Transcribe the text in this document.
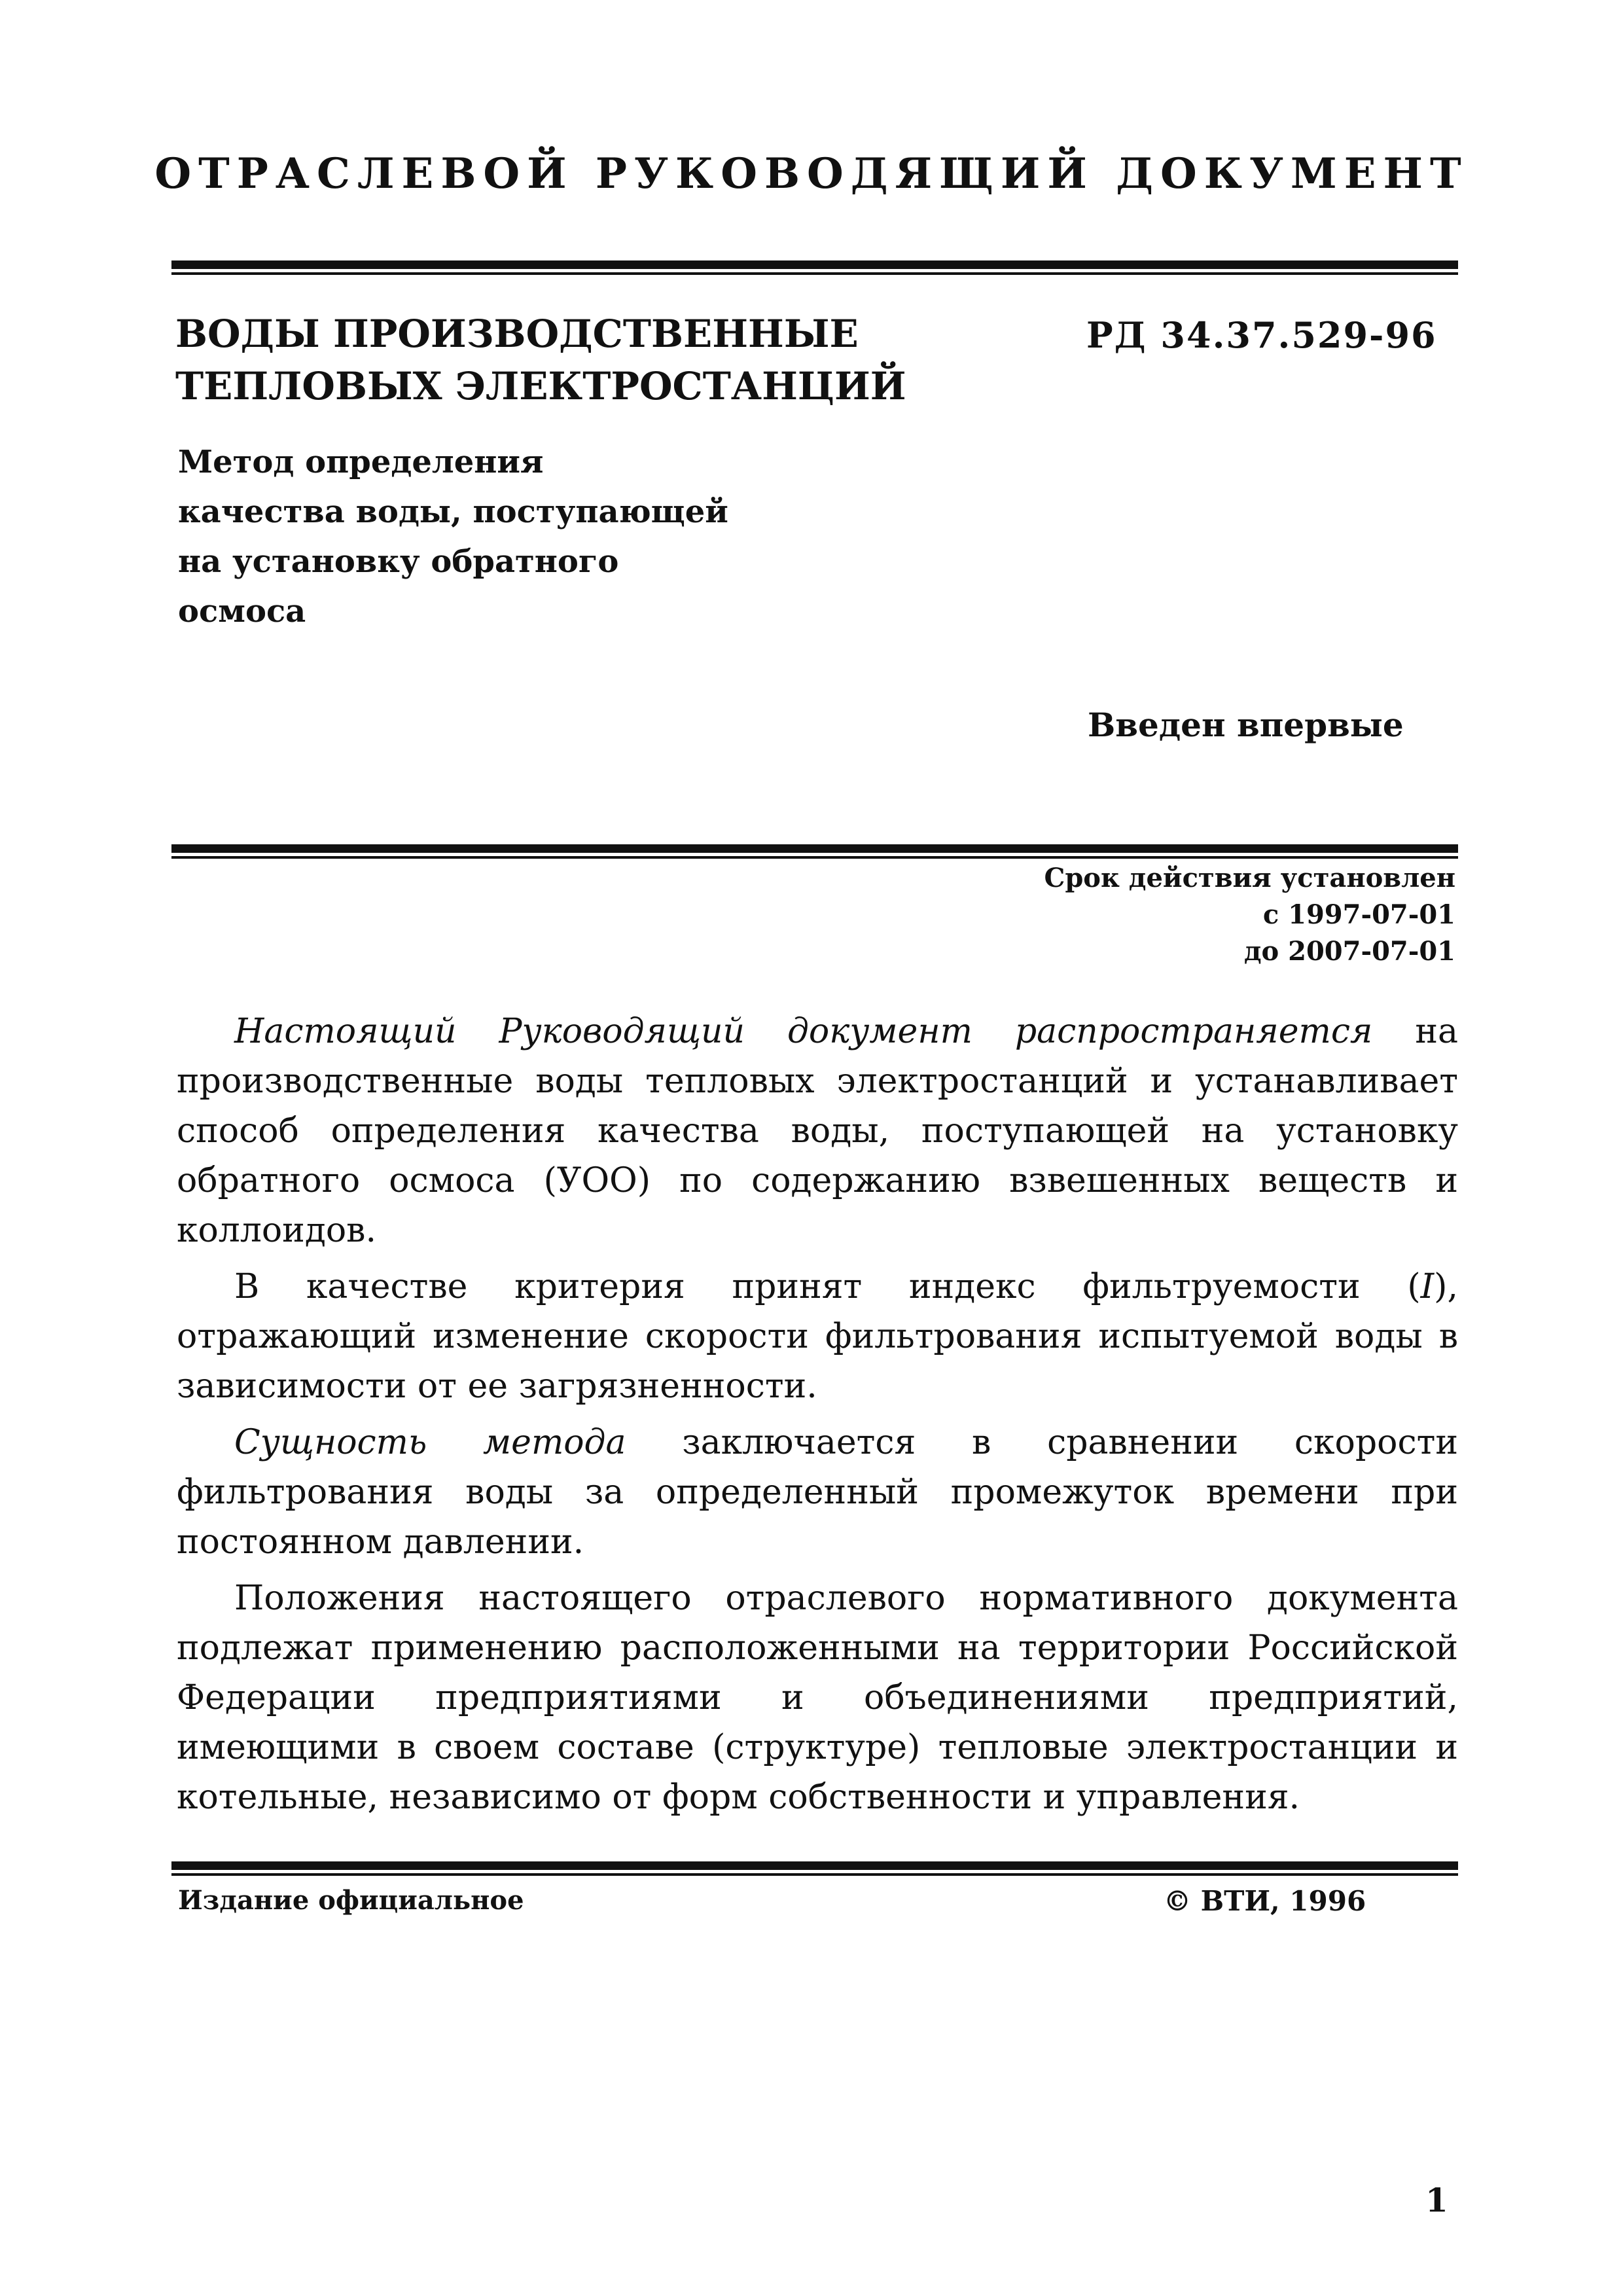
ОТРАСЛЕВОЙ РУКОВОДЯЩИЙ ДОКУМЕНТ
ВОДЫ ПРОИЗВОДСТВЕННЫЕ
ТЕПЛОВЫХ ЭЛЕКТРОСТАНЦИЙ
РД 34.37.529-96
Метод определения
качества воды, поступающей
на установку обратного
осмоса
Введен впервые
Срок действия установлен
с 1997-07-01
до 2007-07-01

Настоящий Руководящий документ распространяется на производственные воды тепловых электростанций и устанавливает способ определения качества воды, поступающей на установку обратного осмоса (УОО) по содержанию взвешенных веществ и коллоидов.

В качестве критерия принят индекс фильтруемости (I), отражающий изменение скорости фильтрования испытуемой воды в зависимости от ее загрязненности.

Сущность метода заключается в сравнении скорости фильтрования воды за определенный промежуток времени при постоянном давлении.

Положения настоящего отраслевого нормативного документа подлежат применению расположенными на территории Российской Федерации предприятиями и объединениями предприятий, имеющими в своем составе (структуре) тепловые электростанции и котельные, независимо от форм собственности и управления.

Издание официальное	© ВТИ, 1996
1
